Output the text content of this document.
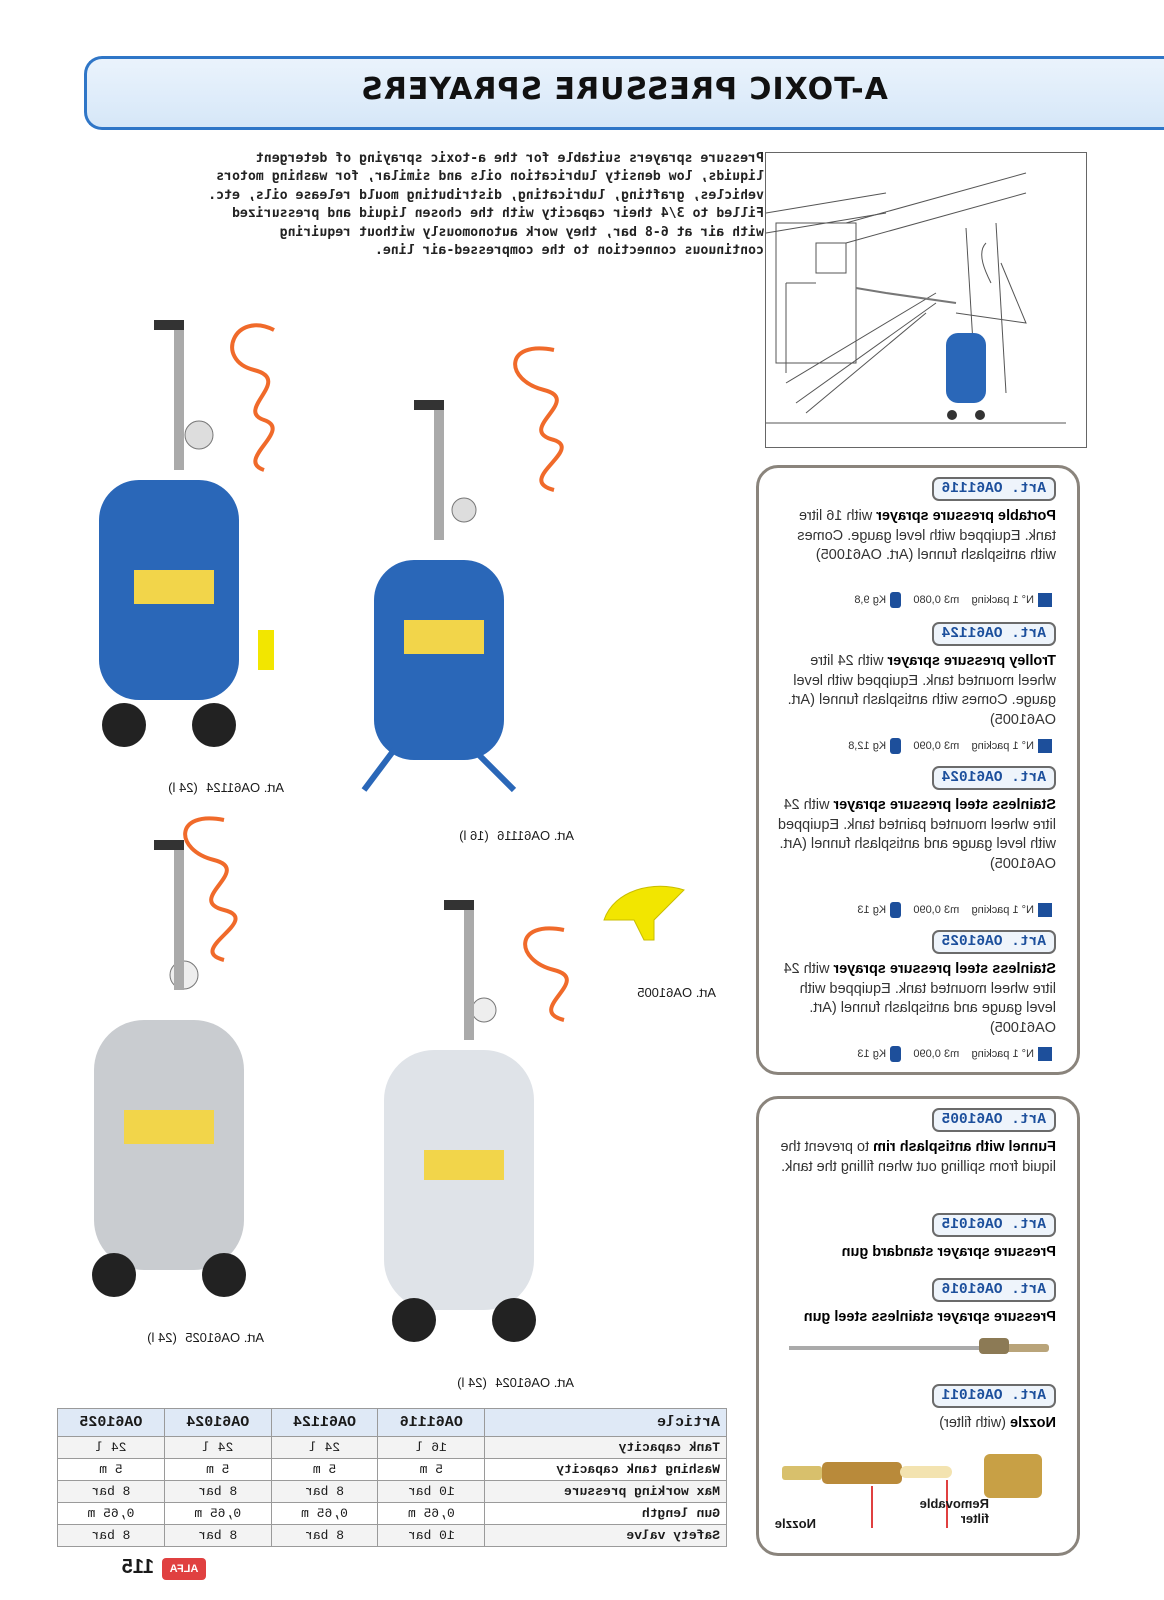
A-TOXIC PRESSURE SPRAYERS
Pressure sprayers suitable for the a-toxic spraying of detergent liquids, low density lubrication oils and similar, for washing motors vehicles, grafting, lubricating, distributing mould release oils, etc. Filled to 3/4 their capacity with the chosen liquid and pressurized with air at 6-8 bar, they work autonomously without requiring continuous connection to the compressed-air line.
Art. OA61116
Portable pressure sprayer with 16 litre tank. Equipped with level gauge. Comes with antisplash funnel (Art. OA61005)
N° 1 packing    m3 0,080    Kg 9,8
Art. OA61124
Trolley pressure sprayer with 24 litre wheel mounted tank. Equipped with level gauge. Comes with antisplash funnel (Art. OA61005)
N° 1 packing    m3 0,090    Kg 12,8
Art. OA61024
Stainless steel pressure sprayer with 24 litre wheel mounted painted tank. Equipped with level gauge and antisplash funnel (Art. OA61005)
N° 1 packing    m3 0,090    Kg 13
Art. OA61025
Stainless steel pressure sprayer with 24 litre wheel mounted tank. Equipped with level gauge and antisplash funnel (Art. OA61005)
N° 1 packing    m3 0,090    Kg 13
Art. OA61005
Funnel with antisplash rim to prevent the liquid from spilling out when filling the tank.
Art. OA61015
Pressure sprayer standard gun
Art. OA61016
Pressure sprayer stainless steel gun
Art. OA61011
Nozzle (with filter)
Removable filter
Nozzle
Art. OA61124 (24 l)
Art. OA61116 (16 l)
Art. OA61005
Art. OA61025 (24 l)
Art. OA61024 (24 l)
Article	OA61116	OA61124	OA61024	OA61025
Tank capacity	16 l	24 l	24 l	24 l
Washing tank capacity	5 m	5 m	5 m	5 m
Max working pressure	10 bar	8 bar	8 bar	8 bar
Gun length	0,65 m	0,65 m	0,65 m	0,65 m
Safety valve	10 bar	8 bar	8 bar	8 bar
115	ALFA
